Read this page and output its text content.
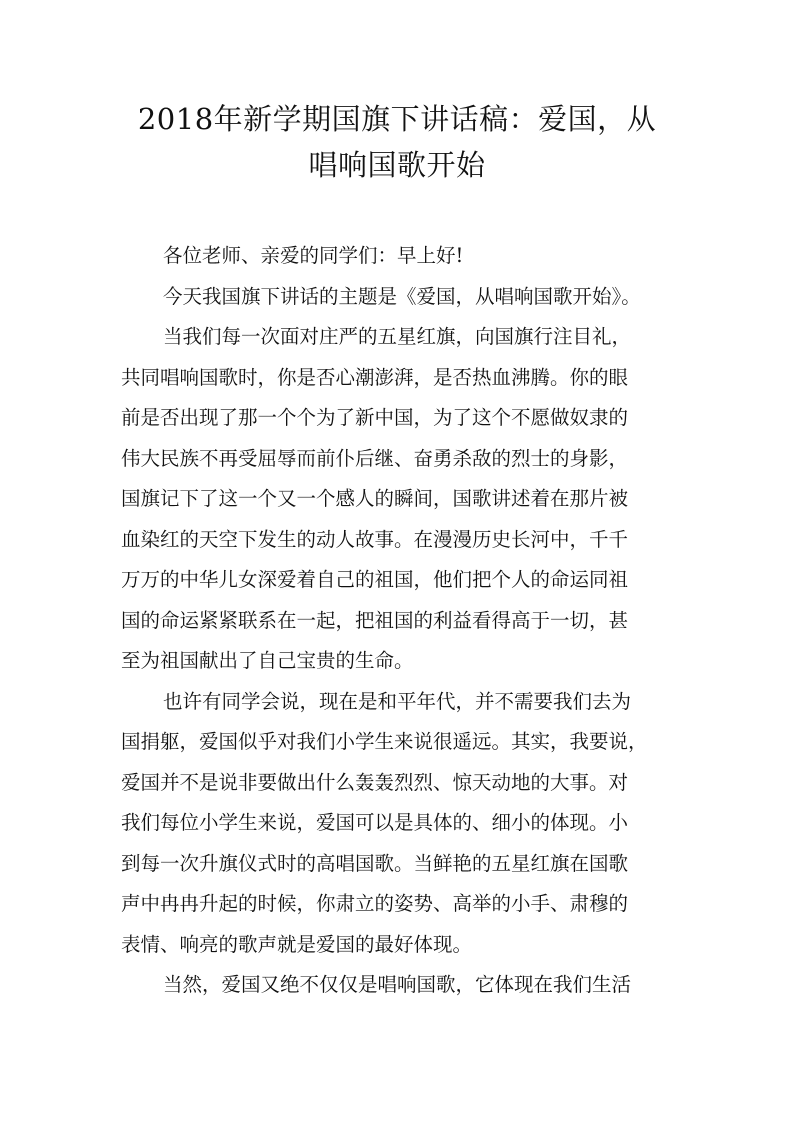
2018年新学期国旗下讲话稿：爱国，从
唱响国歌开始
各位老师、亲爱的同学们：早上好!
今天我国旗下讲话的主题是《爱国，从唱响国歌开始》。
当我们每一次面对庄严的五星红旗，向国旗行注目礼，
共同唱响国歌时，你是否心潮澎湃，是否热血沸腾。你的眼
前是否出现了那一个个为了新中国，为了这个不愿做奴隶的
伟大民族不再受屈辱而前仆后继、奋勇杀敌的烈士的身影，
国旗记下了这一个又一个感人的瞬间，国歌讲述着在那片被
血染红的天空下发生的动人故事。在漫漫历史长河中，千千
万万的中华儿女深爱着自己的祖国，他们把个人的命运同祖
国的命运紧紧联系在一起，把祖国的利益看得高于一切，甚
至为祖国献出了自己宝贵的生命。
也许有同学会说，现在是和平年代，并不需要我们去为
国捐躯，爱国似乎对我们小学生来说很遥远。其实，我要说，
爱国并不是说非要做出什么轰轰烈烈、惊天动地的大事。对
我们每位小学生来说，爱国可以是具体的、细小的体现。小
到每一次升旗仪式时的高唱国歌。当鲜艳的五星红旗在国歌
声中冉冉升起的时候，你肃立的姿势、高举的小手、肃穆的
表情、响亮的歌声就是爱国的最好体现。
当然，爱国又绝不仅仅是唱响国歌，它体现在我们生活
